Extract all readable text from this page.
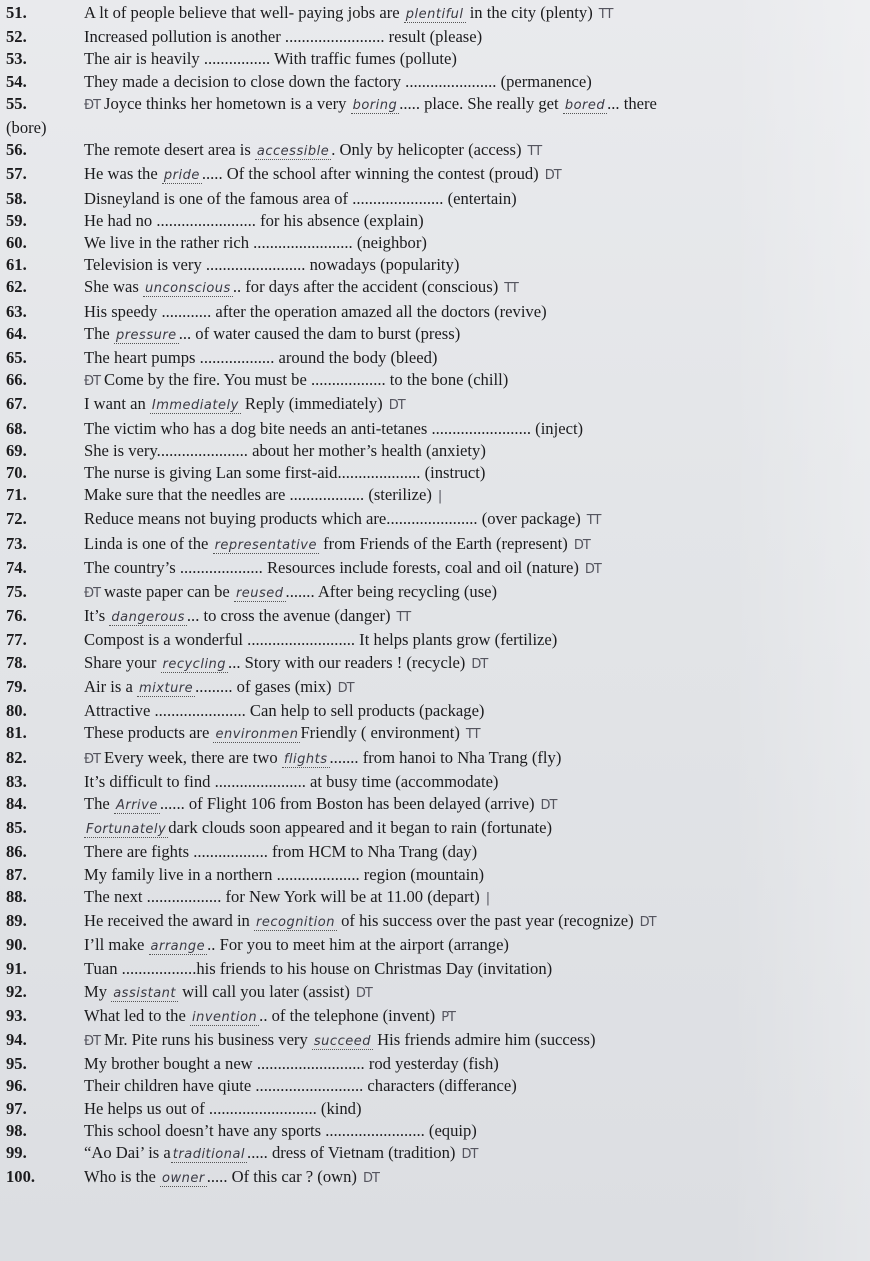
51.	A lt of people believe that well- paying jobs are plentiful in the city (plenty) TT
52.	Increased pollution is another ........................ result (please)
53.	The air is heavily ................ With traffic fumes (pollute)
54.	They made a decision to close down the factory ...................... (permanence)
55.	ĐT Joyce thinks her hometown is a very boring ..... place. She really get bored ... there
(bore)
56.	The remote desert area is accessible . Only by helicopter (access) TT
57.	He was the pride ..... Of the school after winning the contest (proud) DT
58.	Disneyland is one of the famous area of ...................... (entertain)
59.	He had no ........................ for his absence (explain)
60.	We live in the rather rich ........................ (neighbor)
61.	Television is very ........................ nowadays (popularity)
62.	She was unconscious .. for days after the accident (conscious) TT
63.	His speedy ............ after the operation amazed all the doctors (revive)
64.	The pressure ... of water caused the dam to burst (press)
65.	The heart pumps .................. around the body (bleed)
66.	ĐT Come by the fire. You must be .................. to the bone (chill)
67.	I want an Immediately Reply (immediately) DT
68.	The victim who has a dog bite needs an anti-tetanes ........................ (inject)
69.	She is very...................... about her mother’s health (anxiety)
70.	The nurse is giving Lan some first-aid.................... (instruct)
71.	Make sure that the needles are .................. (sterilize) |
72.	Reduce means not buying products which are...................... (over package) TT
73.	Linda is one of the representative from Friends of the Earth (represent) DT
74.	The country’s .................... Resources include forests, coal and oil (nature) DT
75.	ĐT waste paper can be reused ....... After being recycling (use)
76.	It’s dangerous ... to cross the avenue (danger) TT
77.	Compost is a wonderful .......................... It helps plants grow (fertilize)
78.	Share your recycling ... Story with our readers ! (recycle) DT
79.	Air is a mixture ......... of gases (mix) DT
80.	Attractive ...................... Can help to sell products (package)
81.	These products are environmen Friendly ( environment) TT
82.	ĐT Every week, there are two flights ....... from hanoi to Nha Trang (fly)
83.	It’s difficult to find ...................... at busy time (accommodate)
84.	The Arrive ...... of Flight 106 from Boston has been delayed (arrive) DT
85.	Fortunately dark clouds soon appeared and it began to rain (fortunate)
86.	There are fights .................. from HCM to Nha Trang (day)
87.	My family live in a northern .................... region (mountain)
88.	The next .................. for New York will be at 11.00 (depart) |
89.	He received the award in recognition of his success over the past year (recognize) DT
90.	I’ll make arrange .. For you to meet him at the airport (arrange)
91.	Tuan ..................his friends to his house on Christmas Day (invitation)
92.	My assistant will call you later (assist) DT
93.	What led to the invention .. of the telephone (invent) PT
94.	ĐT Mr. Pite runs his business very succeed His friends admire him (success)
95.	My brother bought a new .......................... rod yesterday (fish)
96.	Their children have qiute .......................... characters (differance)
97.	He helps us out of .......................... (kind)
98.	This school doesn’t have any sports ........................ (equip)
99.	“Ao Dai’ is a traditional ..... dress of Vietnam (tradition) DT
100.	Who is the owner ..... Of this car ? (own) DT
